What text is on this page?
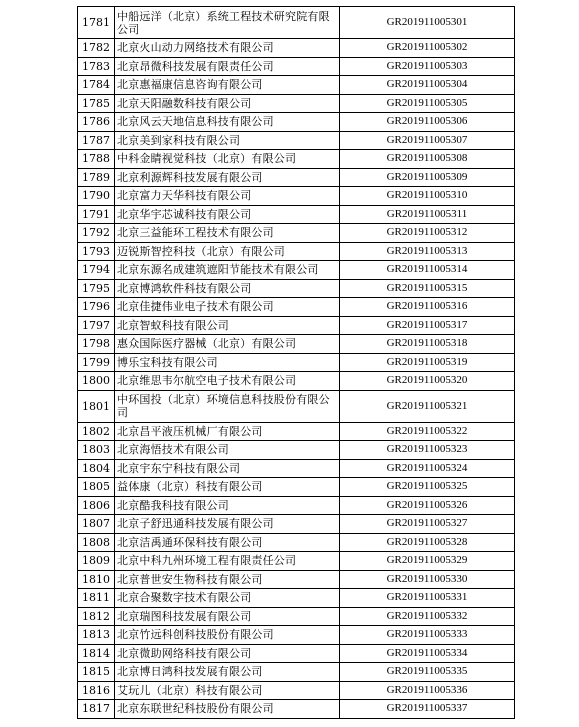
1781	中船远洋（北京）系统工程技术研究院有限公司	GR201911005301
1782	北京火山动力网络技术有限公司	GR201911005302
1783	北京昂微科技发展有限责任公司	GR201911005303
1784	北京惠福康信息咨询有限公司	GR201911005304
1785	北京天阳融数科技有限公司	GR201911005305
1786	北京风云天地信息科技有限公司	GR201911005306
1787	北京美到家科技有限公司	GR201911005307
1788	中科金睛视觉科技（北京）有限公司	GR201911005308
1789	北京利源辉科技发展有限公司	GR201911005309
1790	北京富力天华科技有限公司	GR201911005310
1791	北京华宇芯诚科技有限公司	GR201911005311
1792	北京三益能环工程技术有限公司	GR201911005312
1793	迈锐斯智控科技（北京）有限公司	GR201911005313
1794	北京东源名成建筑遮阳节能技术有限公司	GR201911005314
1795	北京博鸿软件科技有限公司	GR201911005315
1796	北京佳捷伟业电子技术有限公司	GR201911005316
1797	北京智蚁科技有限公司	GR201911005317
1798	惠众国际医疗器械（北京）有限公司	GR201911005318
1799	博乐宝科技有限公司	GR201911005319
1800	北京维思韦尔航空电子技术有限公司	GR201911005320
1801	中环国投（北京）环境信息科技股份有限公司	GR201911005321
1802	北京昌平液压机械厂有限公司	GR201911005322
1803	北京海悟技术有限公司	GR201911005323
1804	北京宇东宁科技有限公司	GR201911005324
1805	益体康（北京）科技有限公司	GR201911005325
1806	北京酷我科技有限公司	GR201911005326
1807	北京子舒迅通科技发展有限公司	GR201911005327
1808	北京洁禹通环保科技有限公司	GR201911005328
1809	北京中科九州环境工程有限责任公司	GR201911005329
1810	北京普世安生物科技有限公司	GR201911005330
1811	北京合聚数字技术有限公司	GR201911005331
1812	北京瑞图科技发展有限公司	GR201911005332
1813	北京竹远科创科技股份有限公司	GR201911005333
1814	北京微助网络科技有限公司	GR201911005334
1815	北京博日鸿科技发展有限公司	GR201911005335
1816	艾玩儿（北京）科技有限公司	GR201911005336
1817	北京东联世纪科技股份有限公司	GR201911005337
